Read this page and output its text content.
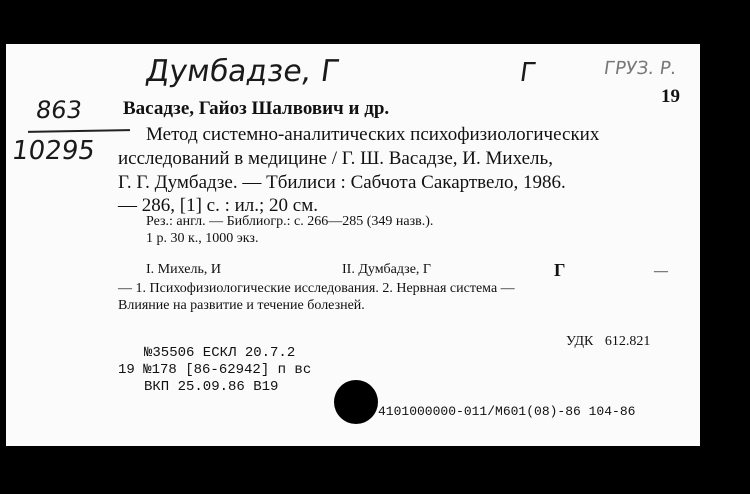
Думбадзе, Г	Г	ГРУЗ. Р.
863
10295
19
Васадзе, Гайоз Шалвович и др.
Метод системно-аналитических психофизиологических
исследований в медицине / Г. Ш. Васадзе, И. Михель,
Г. Г. Думбадзе. — Тбилиси : Сабчота Сакартвело, 1986.
— 286, [1] с. : ил.; 20 см.
Рез.: англ. — Библиогр.: с. 266—285 (349 назв.).
1 р. 30 к., 1000 экз.
I. Михель, И	II. Думбадзе, Г	Г	—
— 1. Психофизиологические исследования. 2. Нервная система —
Влияние на развитие и течение болезней.
УДК 612.821
№35506 ЕСКЛ 20.7.2
19 №178 [86-62942] п вс
ВКП 25.09.86 В19
4101000000-011/М601(08)-86 104-86
